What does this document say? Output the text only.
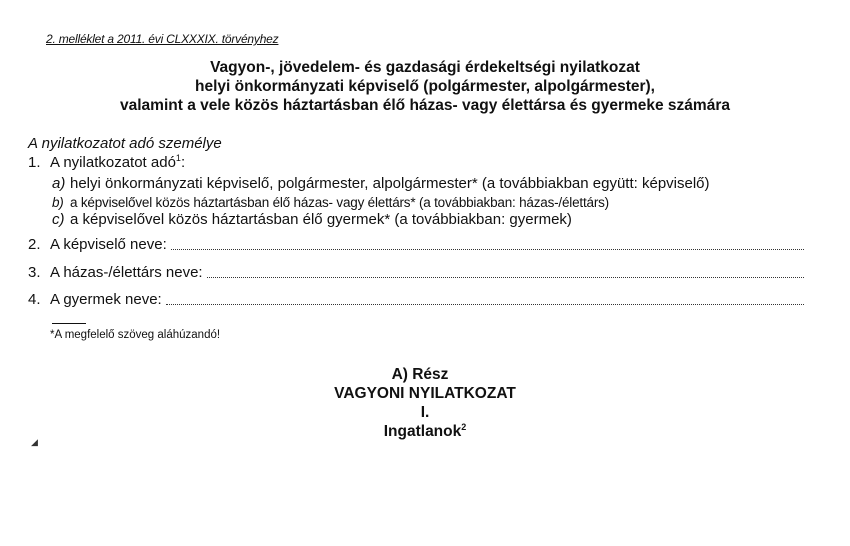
2. melléklet a 2011. évi CLXXXIX. törvényhez
Vagyon-, jövedelem- és gazdasági érdekeltségi nyilatkozat
helyi önkormányzati képviselő (polgármester, alpolgármester),
valamint a vele közös háztartásban élő házas- vagy élettársa és gyermeke számára
A nyilatkozatot adó személye
1. A nyilatkozatot adó$^1$:
a) helyi önkormányzati képviselő, polgármester, alpolgármester* (a továbbiakban együtt: képviselő)
b) a képviselővel közös háztartásban élő házas- vagy élettárs* (a továbbiakban: házas-/élettárs)
c) a képviselővel közös háztartásban élő gyermek* (a továbbiakban: gyermek)
2. A képviselő neve:
3. A házas-/élettárs neve:
4. A gyermek neve:
*A megfelelő szöveg aláhúzandó!
A) Rész
VAGYONI NYILATKOZAT
I.
Ingatlanok$^2$
◢
